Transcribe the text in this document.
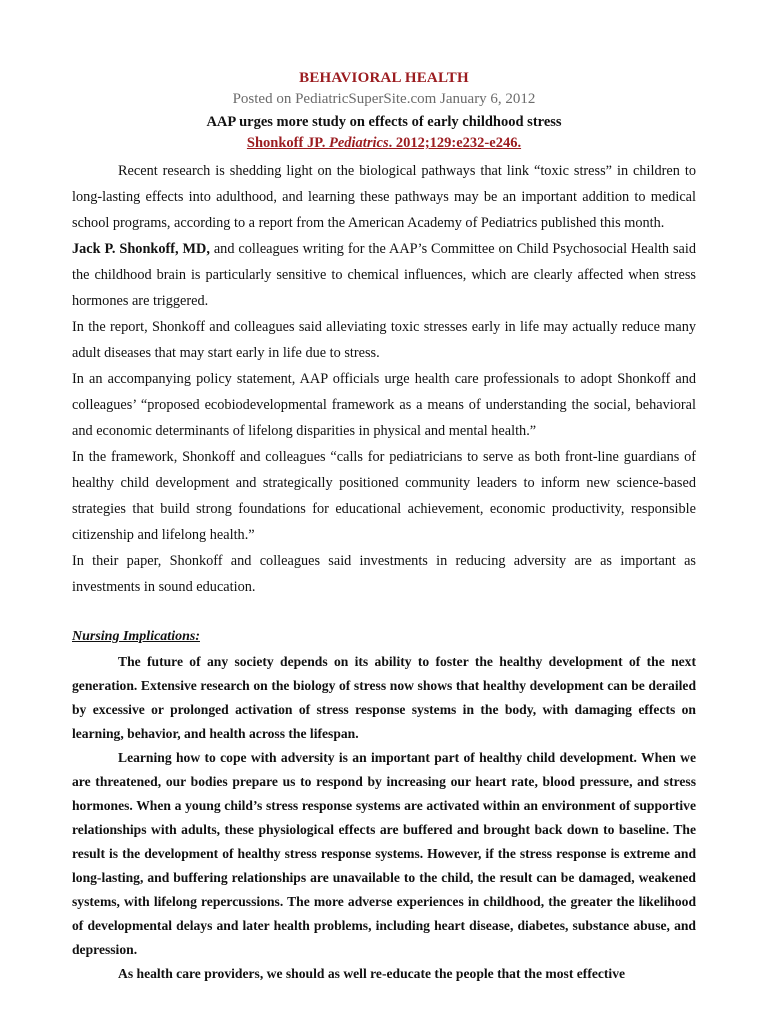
BEHAVIORAL HEALTH
Posted on PediatricSuperSite.com January 6, 2012
AAP urges more study on effects of early childhood stress
Shonkoff JP. Pediatrics. 2012;129:e232-e246.

Recent research is shedding light on the biological pathways that link “toxic stress” in children to long-lasting effects into adulthood, and learning these pathways may be an important addition to medical school programs, according to a report from the American Academy of Pediatrics published this month.

Jack P. Shonkoff, MD, and colleagues writing for the AAP’s Committee on Child Psychosocial Health said the childhood brain is particularly sensitive to chemical influences, which are clearly affected when stress hormones are triggered.

In the report, Shonkoff and colleagues said alleviating toxic stresses early in life may actually reduce many adult diseases that may start early in life due to stress.

In an accompanying policy statement, AAP officials urge health care professionals to adopt Shonkoff and colleagues’ “proposed ecobiodevelopmental framework as a means of understanding the social, behavioral and economic determinants of lifelong disparities in physical and mental health.”

In the framework, Shonkoff and colleagues “calls for pediatricians to serve as both front-line guardians of healthy child development and strategically positioned community leaders to inform new science-based strategies that build strong foundations for educational achievement, economic productivity, responsible citizenship and lifelong health.”

In their paper, Shonkoff and colleagues said investments in reducing adversity are as important as investments in sound education.

Nursing Implications:

The future of any society depends on its ability to foster the healthy development of the next generation. Extensive research on the biology of stress now shows that healthy development can be derailed by excessive or prolonged activation of stress response systems in the body, with damaging effects on learning, behavior, and health across the lifespan.

Learning how to cope with adversity is an important part of healthy child development. When we are threatened, our bodies prepare us to respond by increasing our heart rate, blood pressure, and stress hormones. When a young child’s stress response systems are activated within an environment of supportive relationships with adults, these physiological effects are buffered and brought back down to baseline. The result is the development of healthy stress response systems. However, if the stress response is extreme and long-lasting, and buffering relationships are unavailable to the child, the result can be damaged, weakened systems, with lifelong repercussions. The more adverse experiences in childhood, the greater the likelihood of developmental delays and later health problems, including heart disease, diabetes, substance abuse, and depression.

As health care providers, we should as well re-educate the people that the most effective
